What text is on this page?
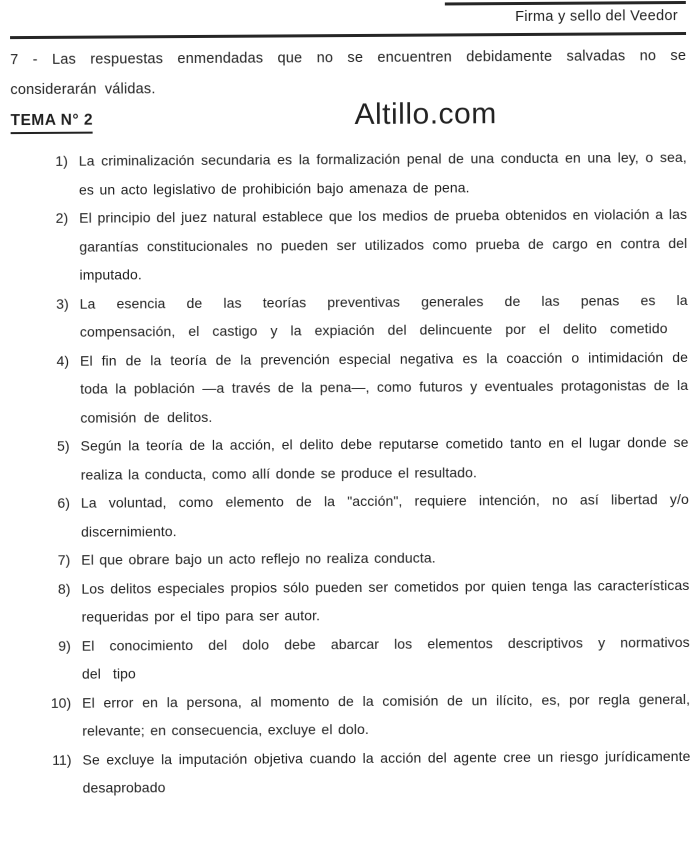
Firma y sello del Veedor

7 - Las respuestas enmendadas que no se encuentren debidamente salvadas no se considerarán válidas.

TEMA N° 2	Altillo.com
1) La criminalización secundaria es la formalización penal de una conducta en una ley, o sea, es un acto legislativo de prohibición bajo amenaza de pena.
2) El principio del juez natural establece que los medios de prueba obtenidos en violación a las garantías constitucionales no pueden ser utilizados como prueba de cargo en contra del imputado.
3) La esencia de las teorías preventivas generales de las penas es la compensación, el castigo y la expiación del delincuente por el delito cometido
4) El fin de la teoría de la prevención especial negativa es la coacción o intimidación de toda la población —a través de la pena—, como futuros y eventuales protagonistas de la comisión de delitos.
5) Según la teoría de la acción, el delito debe reputarse cometido tanto en el lugar donde se realiza la conducta, como allí donde se produce el resultado.
6) La voluntad, como elemento de la "acción", requiere intención, no así libertad y/o discernimiento.
7) El que obrare bajo un acto reflejo no realiza conducta.
8) Los delitos especiales propios sólo pueden ser cometidos por quien tenga las características requeridas por el tipo para ser autor.
9) El conocimiento del dolo debe abarcar los elementos descriptivos y normativos del tipo
10) El error en la persona, al momento de la comisión de un ilícito, es, por regla general, relevante; en consecuencia, excluye el dolo.
11) Se excluye la imputación objetiva cuando la acción del agente cree un riesgo jurídicamente desaprobado
